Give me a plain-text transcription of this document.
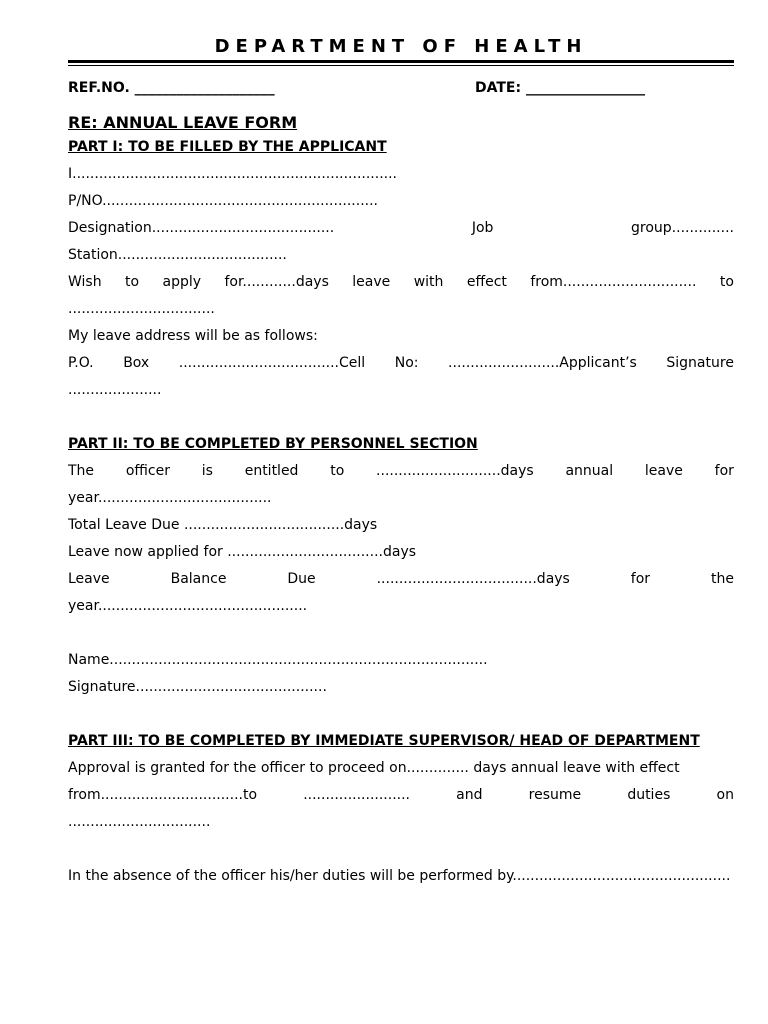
DEPARTMENT OF HEALTH
REF.NO. ____________________	DATE: _________________
RE: ANNUAL LEAVE FORM
PART I: TO BE FILLED BY THE APPLICANT
I.........................................................................
P/NO..............................................................
Designation.........................................	Job	group..............
Station......................................
Wish to apply for............days leave with effect from.............................. to
.................................
My leave address will be as follows:
P.O. Box ....................................Cell No: .........................Applicant’s Signature
.....................
PART II: TO BE COMPLETED BY PERSONNEL SECTION
The officer is entitled to ............................days annual leave for
year.......................................
Total Leave Due ....................................days
Leave now applied for ...................................days
Leave	Balance	Due	....................................days	for	the
year...............................................
Name.....................................................................................
Signature...........................................
PART III: TO BE COMPLETED BY IMMEDIATE SUPERVISOR/ HEAD OF DEPARTMENT
Approval is granted for the officer to proceed on.............. days annual leave with effect
from................................to	........................	and	resume	duties	on
................................
In the absence of the officer his/her duties will be performed by.................................................
